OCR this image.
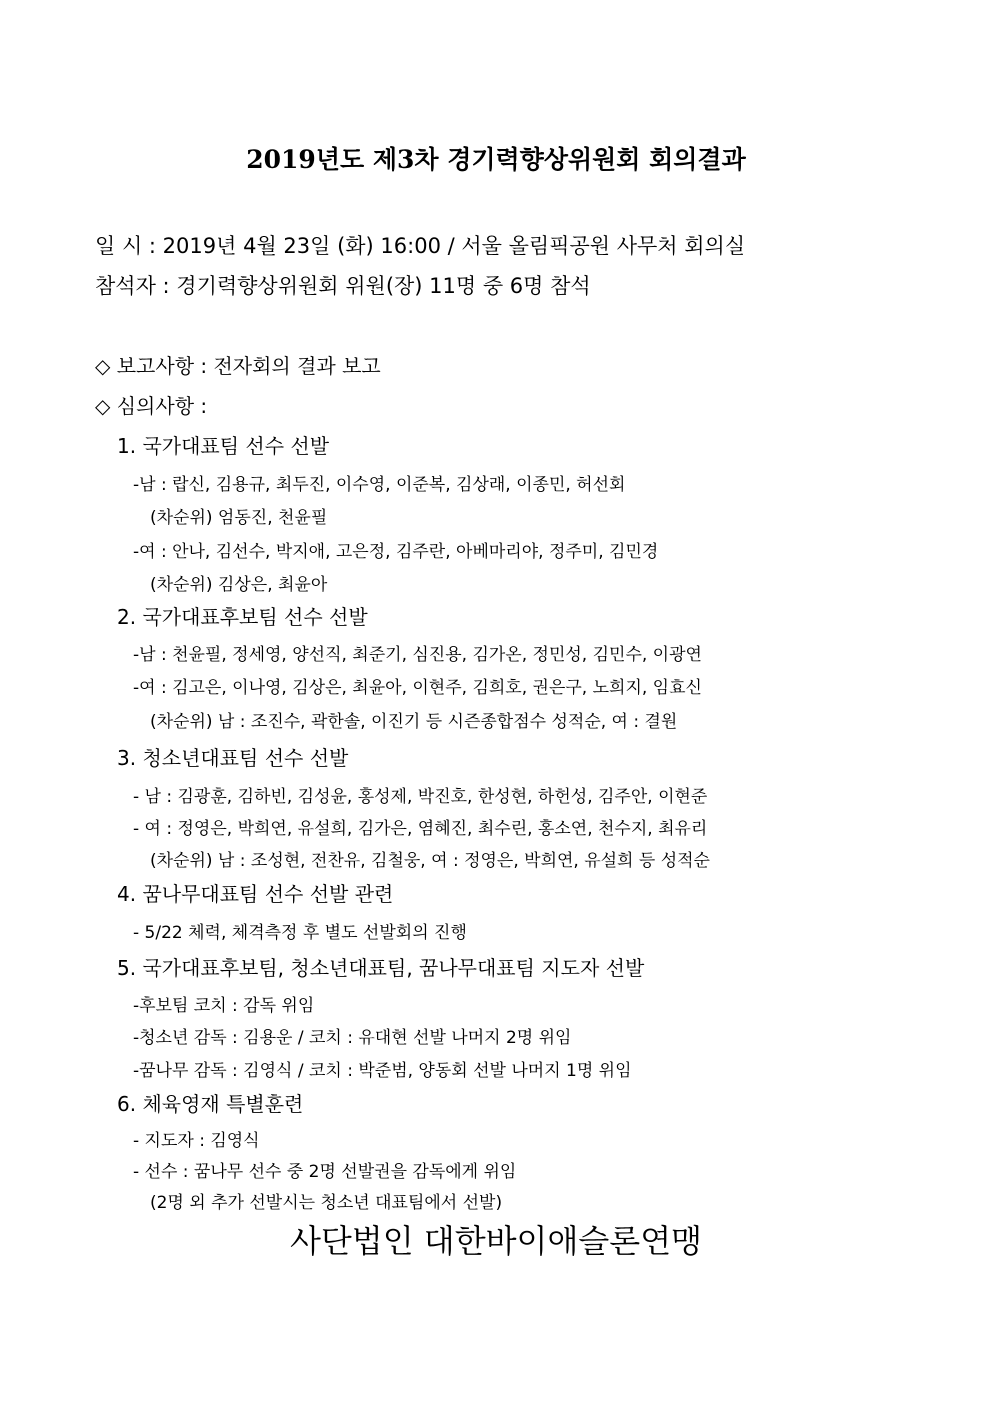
2019년도 제3차 경기력향상위원회 회의결과
일 시 : 2019년 4월 23일 (화) 16:00 / 서울 올림픽공원 사무처 회의실
참석자 : 경기력향상위원회 위원(장) 11명 중 6명 참석
◇ 보고사항 : 전자회의 결과 보고
◇ 심의사항 :
1. 국가대표팀 선수 선발
-남 : 랍신, 김용규, 최두진, 이수영, 이준복, 김상래, 이종민, 허선회
(차순위) 엄동진, 천윤필
-여 : 안나, 김선수, 박지애, 고은정, 김주란, 아베마리야, 정주미, 김민경
(차순위) 김상은, 최윤아
2. 국가대표후보팀 선수 선발
-남 : 천윤필, 정세영, 양선직, 최준기, 심진용, 김가온, 정민성, 김민수, 이광연
-여 : 김고은, 이나영, 김상은, 최윤아, 이현주, 김희호, 권은구, 노희지, 임효신
(차순위) 남 : 조진수, 곽한솔, 이진기 등 시즌종합점수 성적순, 여 : 결원
3. 청소년대표팀 선수 선발
- 남 : 김광훈, 김하빈, 김성윤, 홍성제, 박진호, 한성현, 하헌성, 김주안, 이현준
- 여 : 정영은, 박희연, 유설희, 김가은, 염혜진, 최수린, 홍소연, 천수지, 최유리
(차순위) 남 : 조성현, 전찬유, 김철웅, 여 : 정영은, 박희연, 유설희 등 성적순
4. 꿈나무대표팀 선수 선발 관련
- 5/22 체력, 체격측정 후 별도 선발회의 진행
5. 국가대표후보팀, 청소년대표팀, 꿈나무대표팀 지도자 선발
-후보팀 코치 : 감독 위임
-청소년 감독 : 김용운 / 코치 : 유대현 선발 나머지 2명 위임
-꿈나무 감독 : 김영식 / 코치 : 박준범, 양동회 선발 나머지 1명 위임
6. 체육영재 특별훈련
- 지도자 : 김영식
- 선수 : 꿈나무 선수 중 2명 선발권을 감독에게 위임
(2명 외 추가 선발시는 청소년 대표팀에서 선발)
사단법인 대한바이애슬론연맹
